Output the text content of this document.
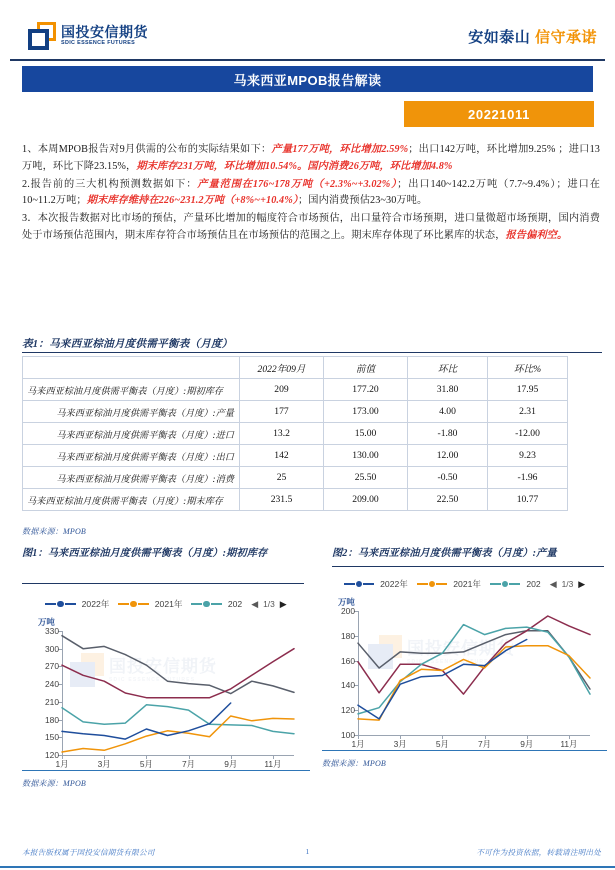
国投安信期货
SDIC ESSENCE FUTURES	安如泰山 信守承诺
马来西亚MPOB报告解读
20221011
1、本周MPOB报告对9月供需的公布的实际结果如下：产量177万吨，环比增加2.59%；出口142万吨，环比增加9.25% ；进口13万吨，环比下降23.15%，期末库存231万吨，环比增加10.54%。国内消费26万吨，环比增加4.8%
2.报告前的三大机构预测数据如下：产量范围在176~178万吨（+2.3%~+3.02%）；出口140~142.2万吨（7.7~9.4%）；进口在10~11.2万吨；期末库存维持在226~231.2万吨（+8%~+10.4%）；国内消费预估23~30万吨。
3．本次报告数据对比市场的预估，产量环比增加的幅度符合市场预估，出口量符合市场预期，进口量微超市场预期，国内消费处于市场预估范围内，期末库存符合市场预估且在市场预估的范围之上。期末库存体现了环比累库的状态，报告偏利空。
表1：马来西亚棕油月度供需平衡表（月度）
	2022年09月	前值	环比	环比%
马来西亚棕油月度供需平衡表（月度）:期初库存	209	177.20	31.80	17.95
马来西亚棕油月度供需平衡表（月度）:产量	177	173.00	4.00	2.31
马来西亚棕油月度供需平衡表（月度）:进口	13.2	15.00	-1.80	-12.00
马来西亚棕油月度供需平衡表（月度）:出口	142	130.00	12.00	9.23
马来西亚棕油月度供需平衡表（月度）:消费	25	25.50	-0.50	-1.96
马来西亚棕油月度供需平衡表（月度）:期末库存	231.5	209.00	22.50	10.77
数据来源：MPOB
图1：马来西亚棕油月度供需平衡表（月度）:期初库存	图2：马来西亚棕油月度供需平衡表（月度）:产量
2022年	2021年	202 ◀ 1/3 ▶
万吨
国投安信期货
SDIC ESSENCE FUTURES
120
150
180
210
240
270
300
330
1月	3月	5月	7月	9月	11月
数据来源：MPOB
2022年	2021年	202 ◀ 1/3 ▶
万吨
国投安信期货
SDIC ESSENCE FUTURES
100
120
140
160
180
200
1月	3月	5月	7月	9月	11月
数据来源：MPOB
本报告版权属于国投安信期货有限公司	1	不可作为投资依据，转载请注明出处
